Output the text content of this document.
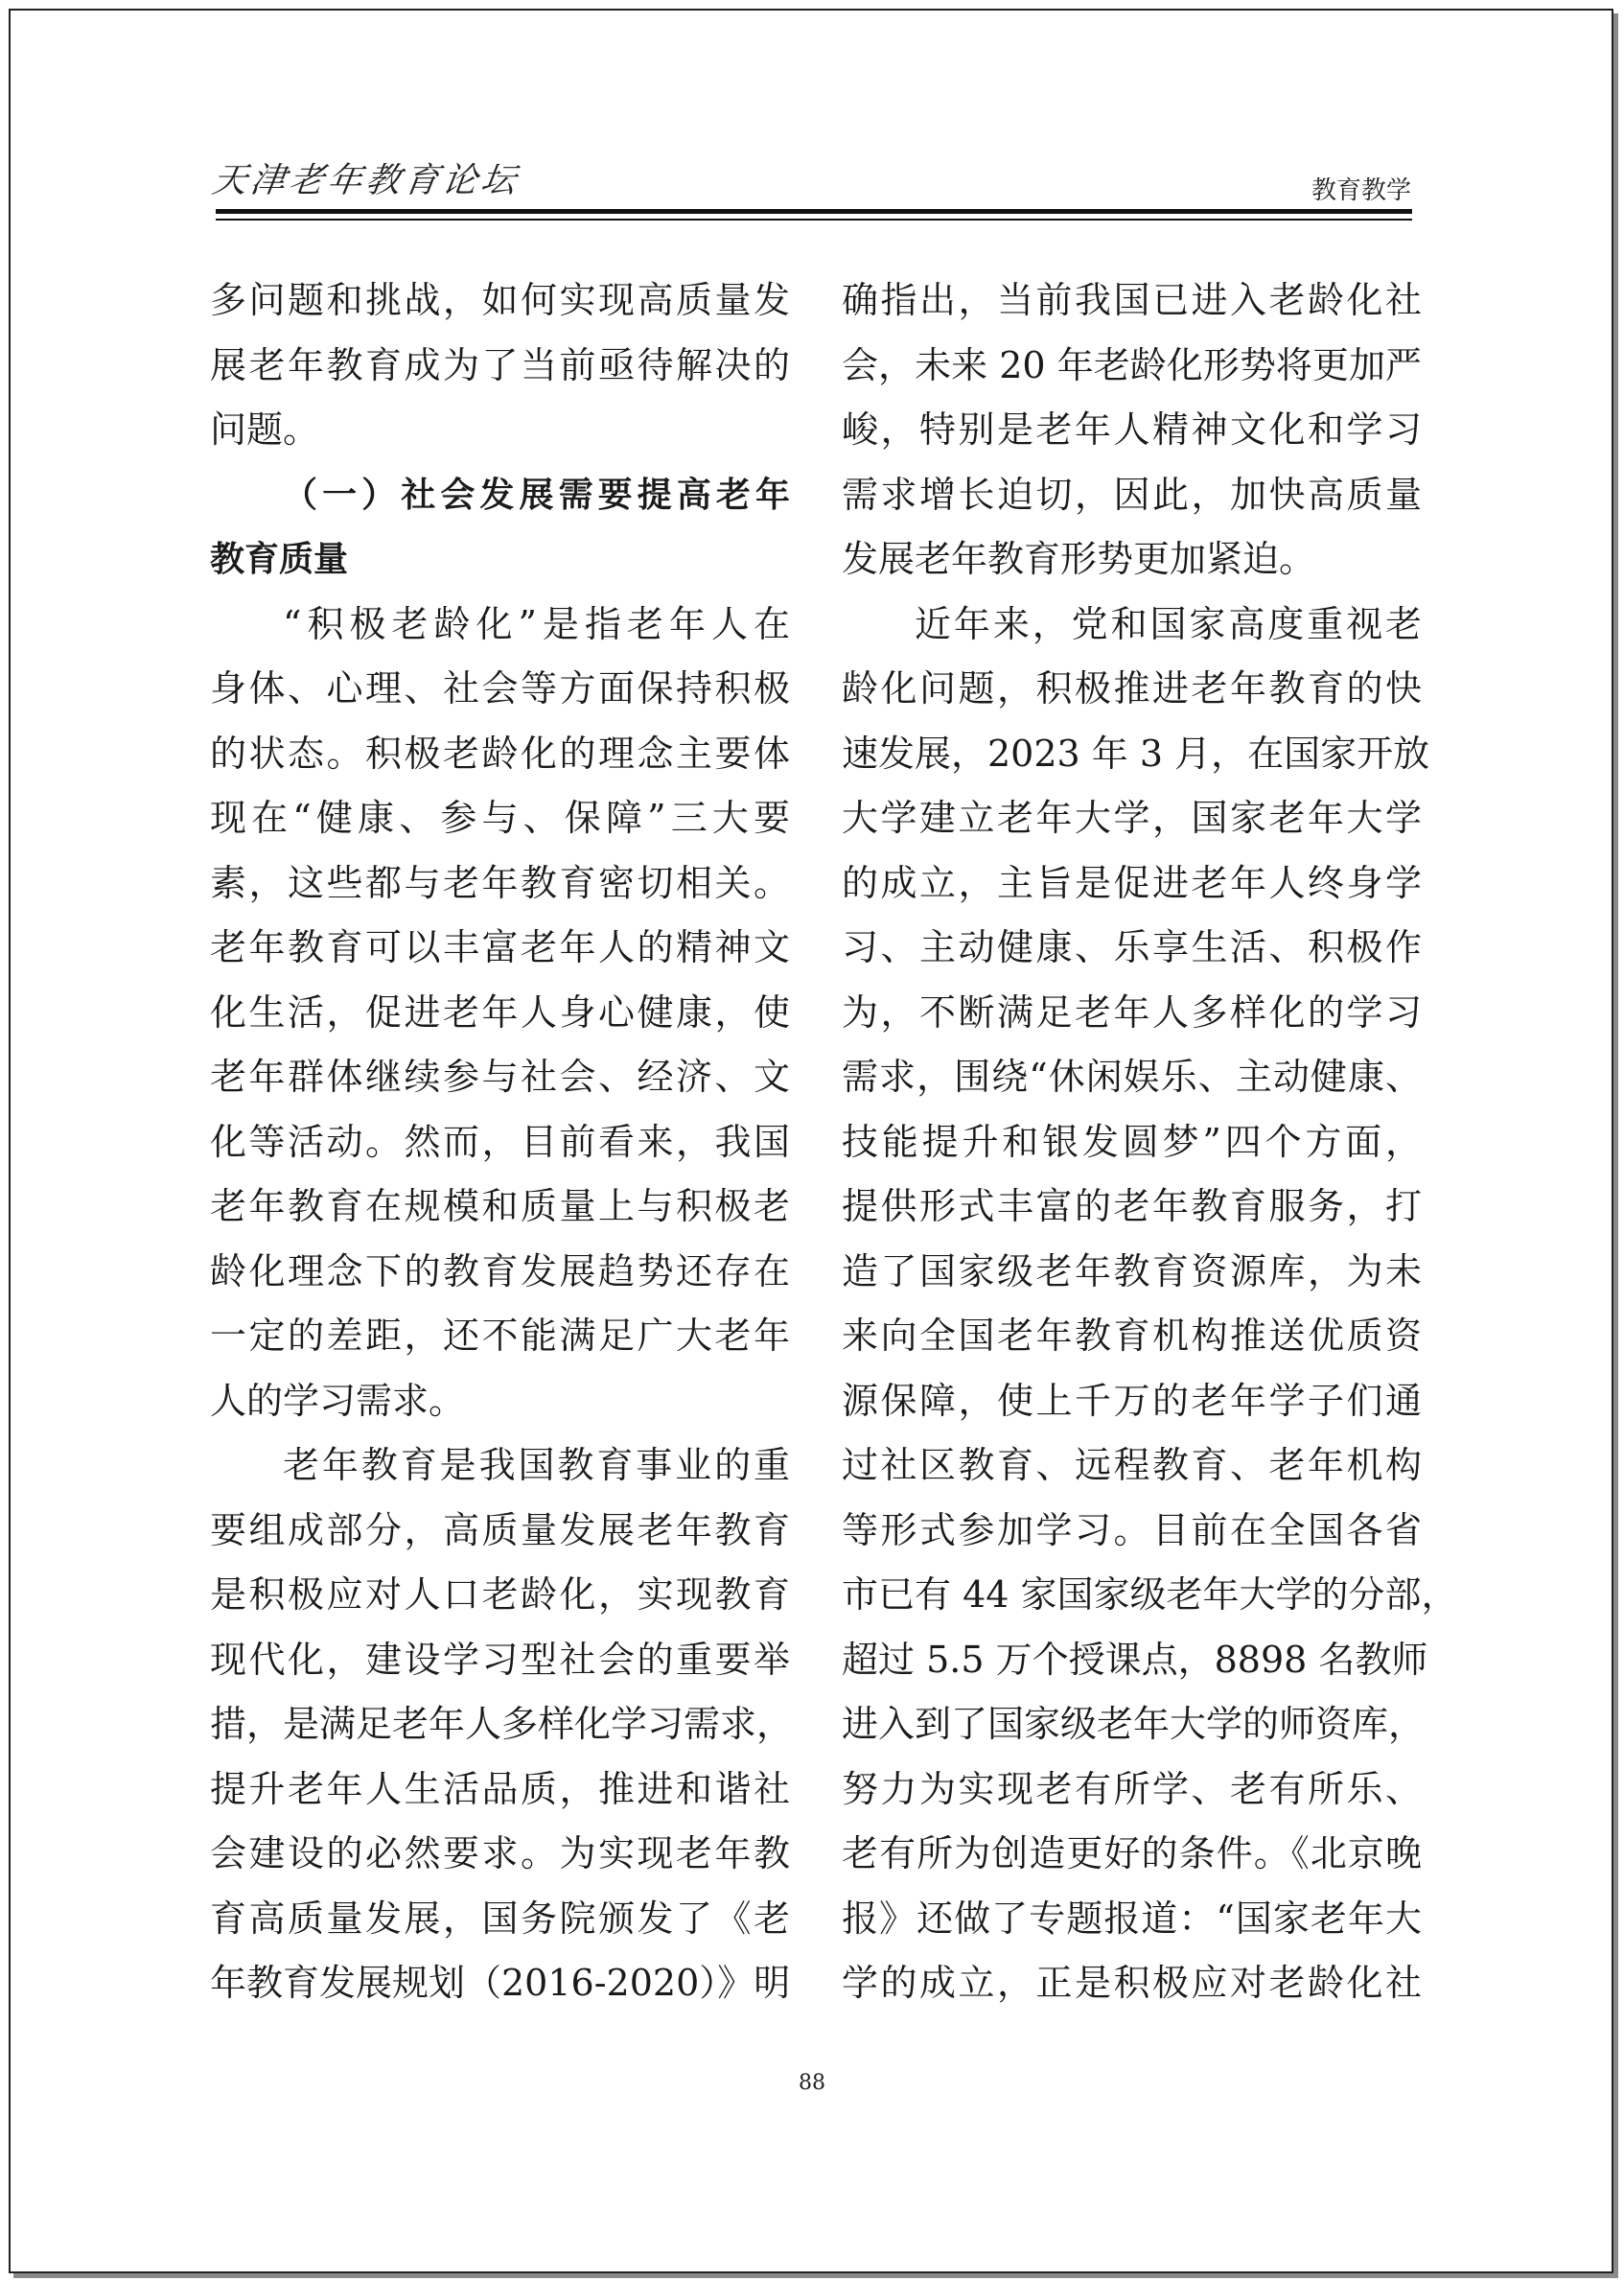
天津老年教育论坛	教育教学
多问题和挑战，如何实现高质量发
展老年教育成为了当前亟待解决的
问题。
（一）社会发展需要提高老年
教育质量
“积极老龄化”是指老年人在
身体、心理、社会等方面保持积极
的状态。积极老龄化的理念主要体
现在“健康、参与、保障”三大要
素，这些都与老年教育密切相关。
老年教育可以丰富老年人的精神文
化生活，促进老年人身心健康，使
老年群体继续参与社会、经济、文
化等活动。然而，目前看来，我国
老年教育在规模和质量上与积极老
龄化理念下的教育发展趋势还存在
一定的差距，还不能满足广大老年
人的学习需求。
老年教育是我国教育事业的重
要组成部分，高质量发展老年教育
是积极应对人口老龄化，实现教育
现代化，建设学习型社会的重要举
措，是满足老年人多样化学习需求，
提升老年人生活品质，推进和谐社
会建设的必然要求。为实现老年教
育高质量发展，国务院颁发了《老
年教育发展规划（2016-2020）》明
确指出，当前我国已进入老龄化社
会，未来 20 年老龄化形势将更加严
峻，特别是老年人精神文化和学习
需求增长迫切，因此，加快高质量
发展老年教育形势更加紧迫。
近年来，党和国家高度重视老
龄化问题，积极推进老年教育的快
速发展，2023 年 3 月，在国家开放
大学建立老年大学，国家老年大学
的成立，主旨是促进老年人终身学
习、主动健康、乐享生活、积极作
为，不断满足老年人多样化的学习
需求，围绕“休闲娱乐、主动健康、
技能提升和银发圆梦”四个方面，
提供形式丰富的老年教育服务，打
造了国家级老年教育资源库，为未
来向全国老年教育机构推送优质资
源保障，使上千万的老年学子们通
过社区教育、远程教育、老年机构
等形式参加学习。目前在全国各省
市已有 44 家国家级老年大学的分部，
超过 5.5 万个授课点，8898 名教师
进入到了国家级老年大学的师资库，
努力为实现老有所学、老有所乐、
老有所为创造更好的条件。《北京晚
报》还做了专题报道：“国家老年大
学的成立，正是积极应对老龄化社
88
